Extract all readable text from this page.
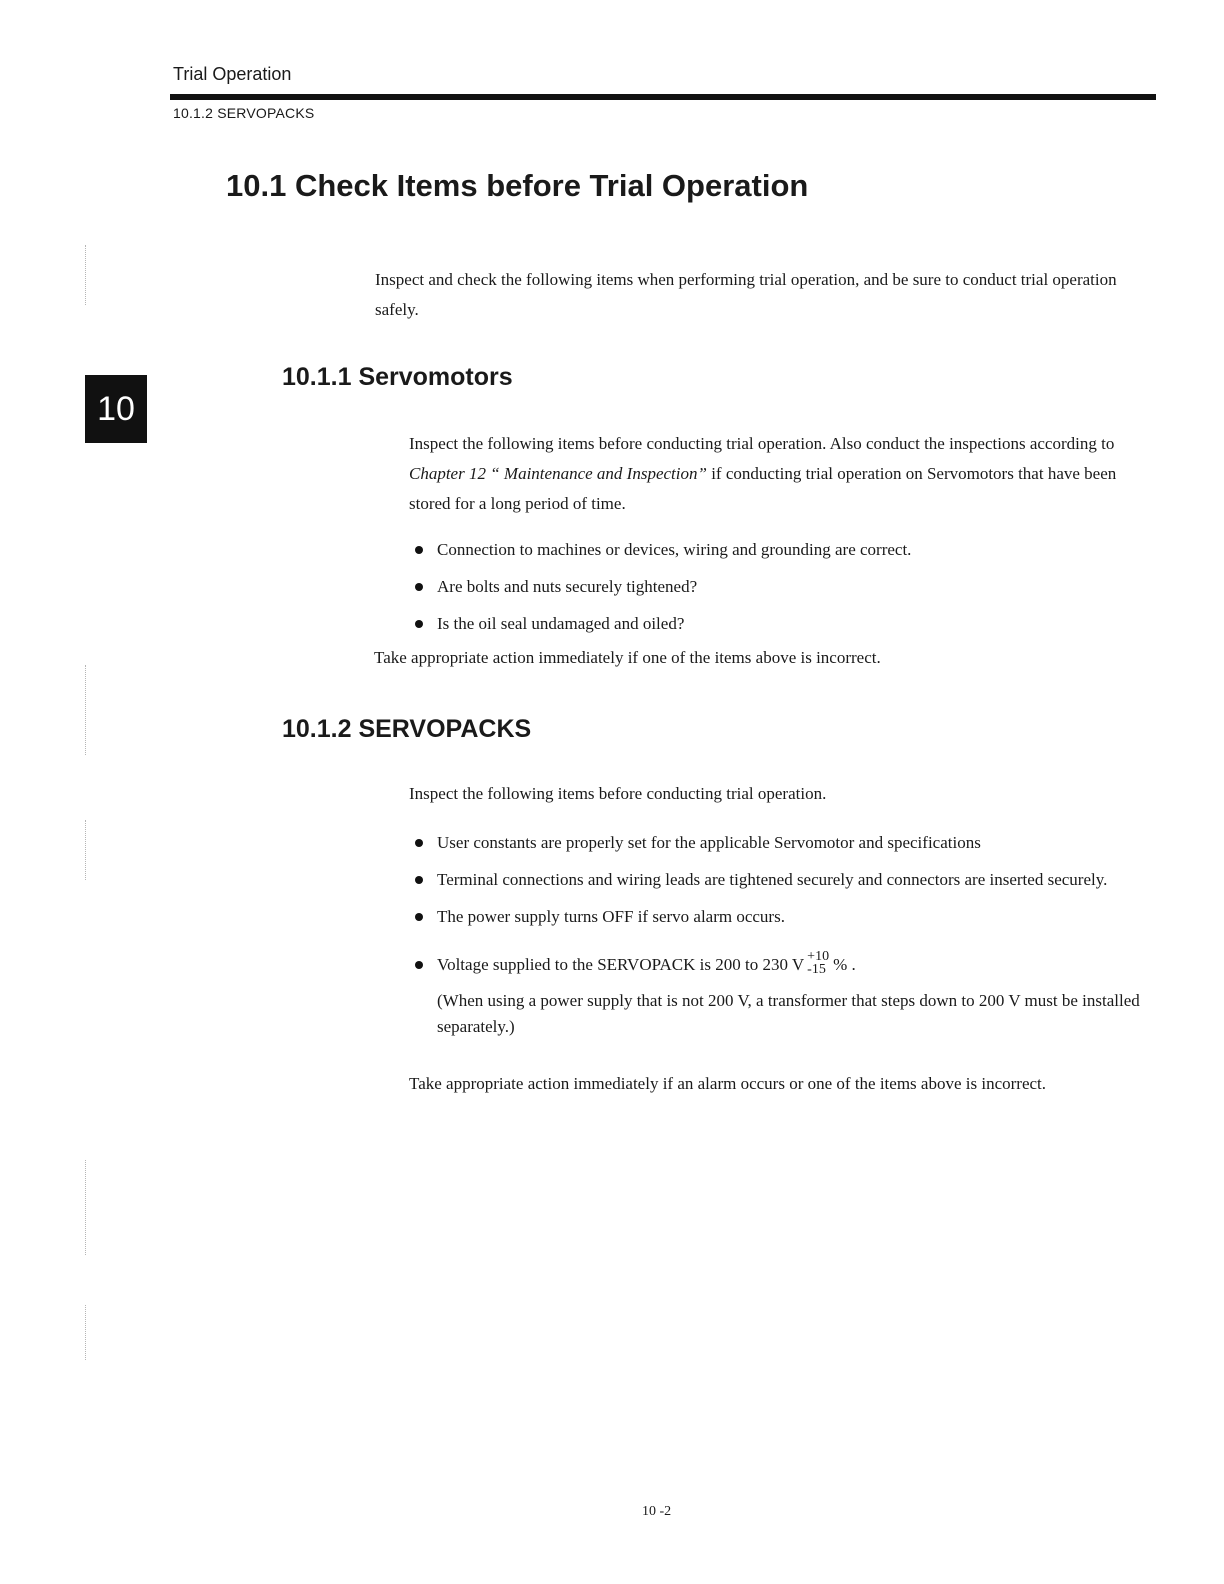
Trial Operation
10.1.2 SERVOPACKS
10
10.1 Check Items before Trial Operation

Inspect and check the following items when performing trial operation, and be sure to conduct trial operation safely.

10.1.1 Servomotors

Inspect the following items before conducting trial operation. Also conduct the inspections according to Chapter 12 “ Maintenance and Inspection” if conducting trial operation on Servomotors that have been stored for a long period of time.

Connection to machines or devices, wiring and grounding are correct.
Are bolts and nuts securely tightened?
Is the oil seal undamaged and oiled?
Take appropriate action immediately if one of the items above is incorrect.
10.1.2 SERVOPACKS
Inspect the following items before conducting trial operation.
User constants are properly set for the applicable Servomotor and specifications
Terminal connections and wiring leads are tightened securely and connectors are inserted securely.
The power supply turns OFF if servo alarm occurs.
Voltage supplied to the SERVOPACK is 200 to 230 V +10
-15 % .
(When using a power supply that is not 200 V, a transformer that steps down to 200 V must be installed separately.)
Take appropriate action immediately if an alarm occurs or one of the items above is incorrect.
10 -2
